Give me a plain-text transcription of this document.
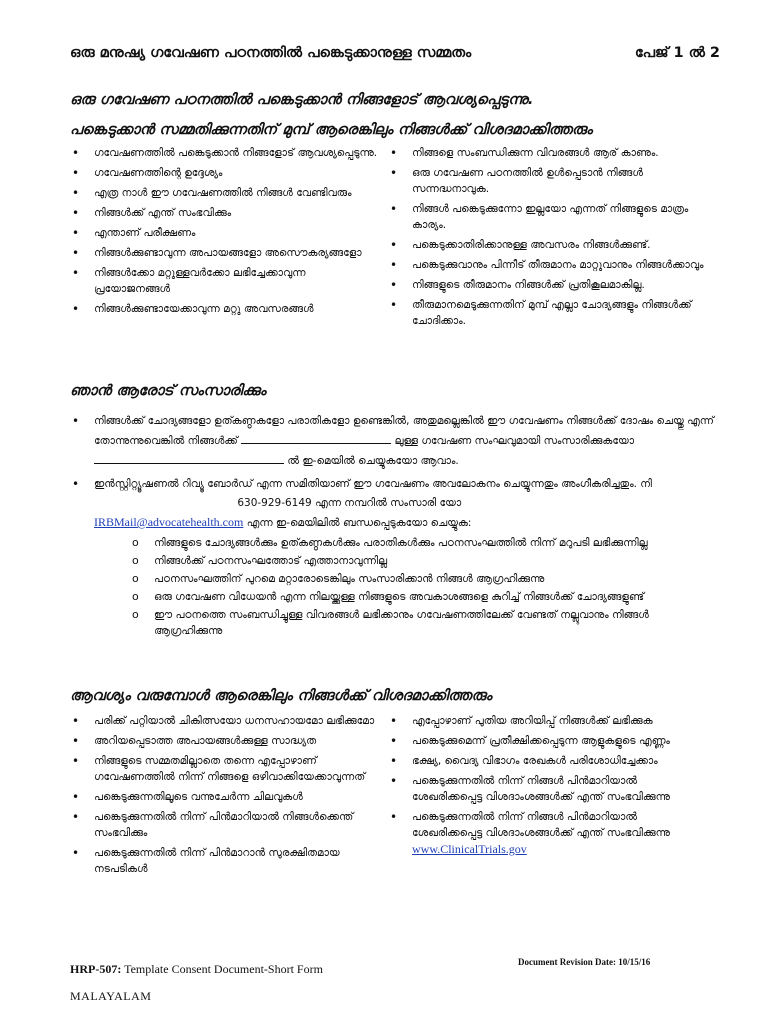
ഒരു മനുഷ്യ ഗവേഷണ പഠനത്തിൽ പങ്കെടുക്കാനുള്ള സമ്മതം	പേജ് 1 ൽ 2
ഒരു ഗവേഷണ പഠനത്തിൽ പങ്കെടുക്കാൻ നിങ്ങളോട് ആവശ്യപ്പെടുന്നു.
പങ്കെടുക്കാൻ സമ്മതിക്കുന്നതിന് മുമ്പ് ആരെങ്കിലും നിങ്ങൾക്ക് വിശദമാക്കിത്തരും
• ഗവേഷണത്തിൽ പങ്കെടുക്കാൻ നിങ്ങളോട് ആവശ്യപ്പെടുന്നു.
• ഗവേഷണത്തിന്റെ ഉദ്ദേശ്യം
• എത്ര നാൾ ഈ ഗവേഷണത്തിൽ നിങ്ങൾ വേണ്ടിവരും
• നിങ്ങൾക്ക് എന്ത് സംഭവിക്കും
• എന്താണ് പരീക്ഷണം
• നിങ്ങൾക്കുണ്ടാവുന്ന അപായങ്ങളോ അസൌകര്യങ്ങളോ
• നിങ്ങൾക്കോ മറ്റുള്ളവർക്കോ ലഭിച്ചേക്കാവുന്ന പ്രയോജനങ്ങൾ
• നിങ്ങൾക്കുണ്ടായേക്കാവുന്ന മറ്റു അവസരങ്ങൾ
• നിങ്ങളെ സംബന്ധിക്കുന്ന വിവരങ്ങൾ ആര് കാണും.
• ഒരു ഗവേഷണ പഠനത്തിൽ ഉൾപ്പെടാൻ നിങ്ങൾ സന്നദ്ധനാവുക.
• നിങ്ങൾ പങ്കെടുക്കുന്നോ ഇല്ലയോ എന്നത് നിങ്ങളുടെ മാത്രം കാര്യം.
• പങ്കെടുക്കാതിരിക്കാനുള്ള അവസരം നിങ്ങൾക്കുണ്ട്.
• പങ്കെടുക്കുവാനും പിന്നീട് തീരുമാനം മാറ്റുവാനും നിങ്ങൾക്കാവും
• നിങ്ങളുടെ തീരുമാനം നിങ്ങൾക്ക് പ്രതികൂലമാകില്ല.
• തീരുമാനമെടുക്കുന്നതിന് മുമ്പ് എല്ലാ ചോദ്യങ്ങളും നിങ്ങൾക്ക് ചോദിക്കാം.
ഞാൻ ആരോട് സംസാരിക്കും
• നിങ്ങൾക്ക് ചോദ്യങ്ങളോ ഉത്കണ്ഠകളോ പരാതികളോ ഉണ്ടെങ്കിൽ, അതുമല്ലെങ്കിൽ ഈ ഗവേഷണം നിങ്ങൾക്ക് ദോഷം ചെയ്തു എന്ന് തോന്നുന്നുവെങ്കിൽ നിങ്ങൾക്ക്	ലുള്ള ഗവേഷണ സംഘവുമായി സംസാരിക്കുകയോ  ൽ ഇ-മെയിൽ ചെയ്യുകയോ ആവാം.
• ഇൻസ്റ്റിറ്റ്യൂഷണൽ റിവ്യൂ ബോർഡ് എന്ന സമിതിയാണ് ഈ ഗവേഷണം അവലോകനം ചെയ്യുന്നതും അംഗീകരിച്ചതും. നി  630-929-6149 എന്ന നമ്പറിൽ സംസാരി യോ
IRBMail@advocatehealth.com എന്ന ഇ-മെയിലിൽ ബന്ധപ്പെടുകയോ ചെയ്യുക:
o നിങ്ങളുടെ ചോദ്യങ്ങൾക്കും ഉത്കണ്ഠകൾക്കും പരാതികൾക്കും പഠനസംഘത്തിൽ നിന്ന് മറുപടി ലഭിക്കുന്നില്ല
o നിങ്ങൾക്ക് പഠനസംഘത്തോട് എത്താനാവുന്നില്ല
o പഠനസംഘത്തിന് പുറമെ മറ്റാരോടെങ്കിലും സംസാരിക്കാൻ നിങ്ങൾ ആഗ്രഹിക്കുന്നു
o ഒരു ഗവേഷണ വിധേയൻ എന്ന നിലയ്ക്കുള്ള നിങ്ങളുടെ അവകാശങ്ങളെ കുറിച്ച് നിങ്ങൾക്ക് ചോദ്യങ്ങളുണ്ട്
o ഈ പഠനത്തെ സംബന്ധിച്ചുള്ള വിവരങ്ങൾ ലഭിക്കാനും ഗവേഷണത്തിലേക്ക് വേണ്ടത് നല്ലുവാനും നിങ്ങൾ ആഗ്രഹിക്കുന്നു
ആവശ്യം വരുമ്പോൾ ആരെങ്കിലും നിങ്ങൾക്ക് വിശദമാക്കിത്തരും
• പരിക്ക് പറ്റിയാൽ ചികിത്സയോ ധനസഹായമോ ലഭിക്കുമോ
• അറിയപ്പെടാത്ത അപായങ്ങൾക്കുള്ള സാദ്ധ്യത
• നിങ്ങളുടെ സമ്മതമില്ലാതെ തന്നെ എപ്പോഴാണ് ഗവേഷണത്തിൽ നിന്ന് നിങ്ങളെ ഒഴിവാക്കിയേക്കാവുന്നത്
• പങ്കെടുക്കുന്നതിലൂടെ വന്നുചേർന്ന ചിലവുകൾ
• പങ്കെടുക്കുന്നതിൽ നിന്ന് പിൻമാറിയാൽ നിങ്ങൾക്കെന്ത് സംഭവിക്കും
• പങ്കെടുക്കുന്നതിൽ നിന്ന് പിൻമാറാൻ സുരക്ഷിതമായ നടപടികൾ
• എപ്പോഴാണ് പുതിയ അറിയിപ്പ് നിങ്ങൾക്ക് ലഭിക്കുക
• പങ്കെടുക്കുമെന്ന് പ്രതീക്ഷിക്കപ്പെടുന്ന ആളുകളുടെ എണ്ണം
• ഭക്ഷ്യ, വൈദ്യ വിഭാഗം രേഖകൾ പരിശോധിച്ചേക്കാം
• പങ്കെടുക്കുന്നതിൽ നിന്ന് നിങ്ങൾ പിൻമാറിയാൽ ശേഖരിക്കപ്പെട്ട വിശദാംശങ്ങൾക്ക് എന്ത് സംഭവിക്കുന്നു
• പങ്കെടുക്കുന്നതിൽ നിന്ന് നിങ്ങൾ പിൻമാറിയാൽ ശേഖരിക്കപ്പെട്ട വിശദാംശങ്ങൾക്ക് എന്ത് സംഭവിക്കുന്നു www.ClinicalTrials.gov
Document Revision Date: 10/15/16
HRP-507: Template Consent Document-Short Form
MALAYALAM
